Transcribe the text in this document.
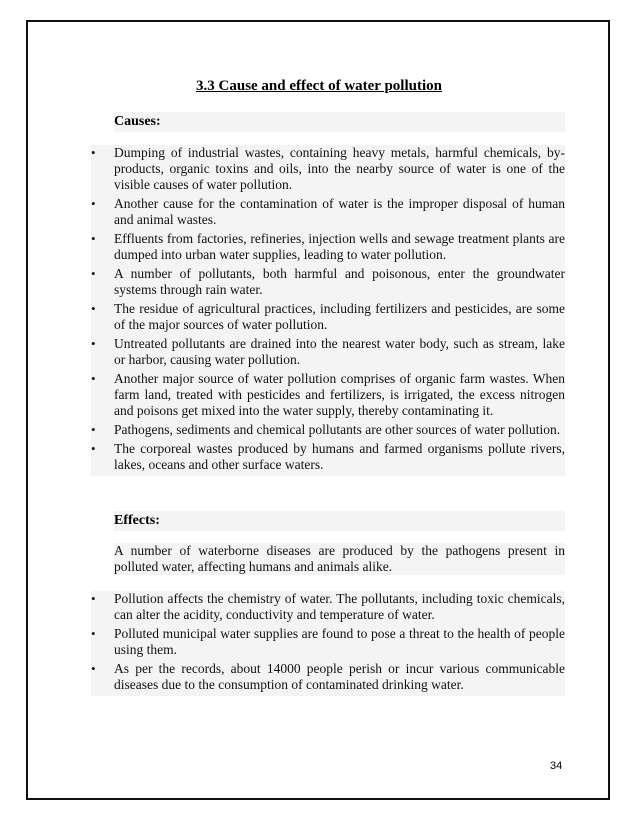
3.3 Cause and effect of water pollution

Causes:

• Dumping of industrial wastes, containing heavy metals, harmful chemicals, by-products, organic toxins and oils, into the nearby source of water is one of the visible causes of water pollution.
• Another cause for the contamination of water is the improper disposal of human and animal wastes.
• Effluents from factories, refineries, injection wells and sewage treatment plants are dumped into urban water supplies, leading to water pollution.
• A number of pollutants, both harmful and poisonous, enter the groundwater systems through rain water.
• The residue of agricultural practices, including fertilizers and pesticides, are some of the major sources of water pollution.
• Untreated pollutants are drained into the nearest water body, such as stream, lake or harbor, causing water pollution.
• Another major source of water pollution comprises of organic farm wastes. When farm land, treated with pesticides and fertilizers, is irrigated, the excess nitrogen and poisons get mixed into the water supply, thereby contaminating it.
• Pathogens, sediments and chemical pollutants are other sources of water pollution.
• The corporeal wastes produced by humans and farmed organisms pollute rivers, lakes, oceans and other surface waters.

Effects:

A number of waterborne diseases are produced by the pathogens present in polluted water, affecting humans and animals alike.

• Pollution affects the chemistry of water. The pollutants, including toxic chemicals, can alter the acidity, conductivity and temperature of water.
• Polluted municipal water supplies are found to pose a threat to the health of people using them.
• As per the records, about 14000 people perish or incur various communicable diseases due to the consumption of contaminated drinking water.
34
